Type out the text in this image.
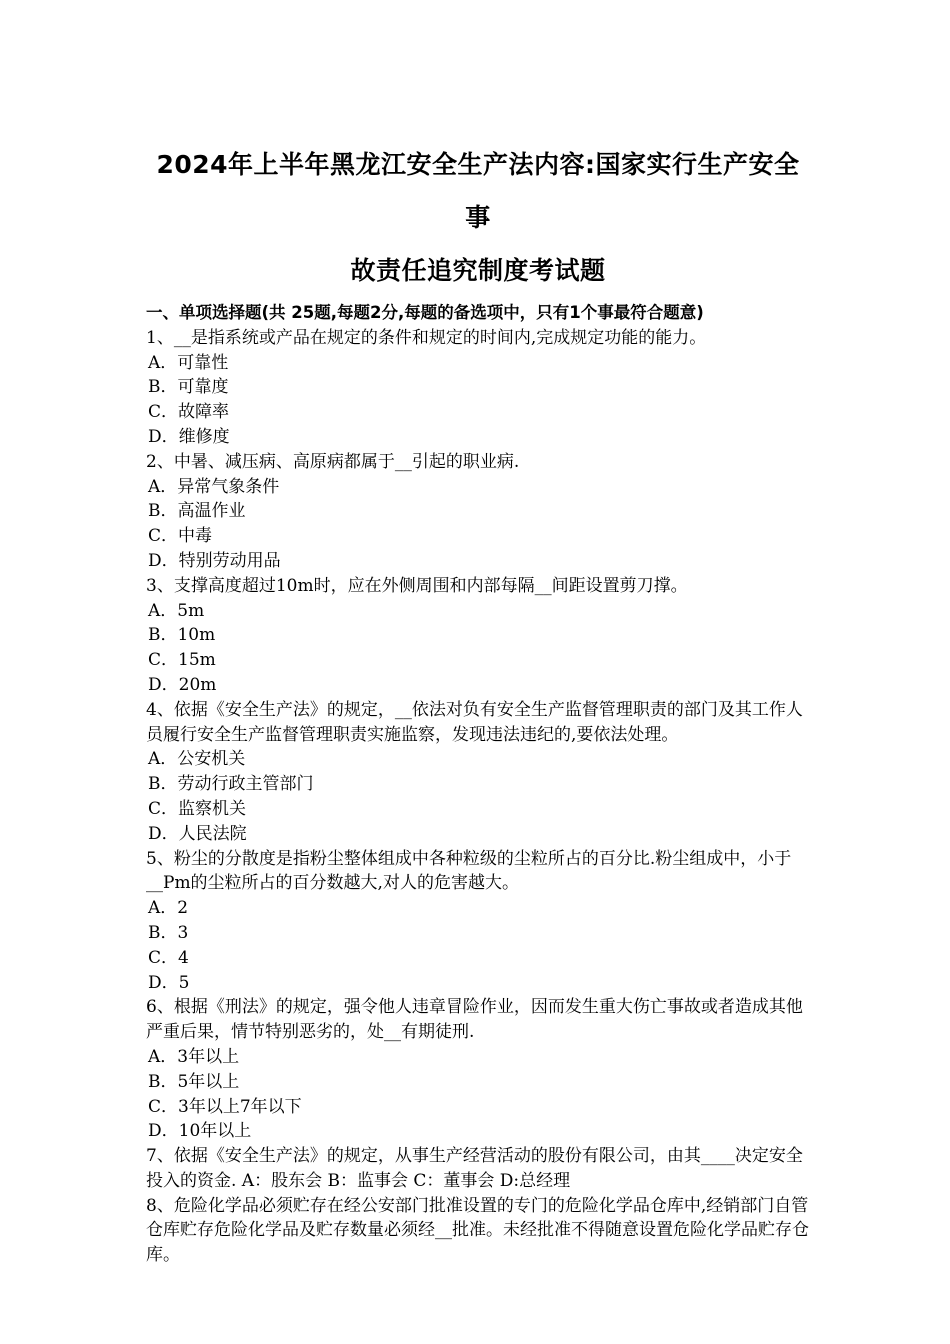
2024年上半年黑龙江安全生产法内容:国家实行生产安全事
故责任追究制度考试题
一、单项选择题(共 25题,每题2分,每题的备选项中，只有1个事最符合题意)
1、__是指系统或产品在规定的条件和规定的时间内,完成规定功能的能力。
A．可靠性
B．可靠度
C．故障率
D．维修度
2、中暑、减压病、高原病都属于__引起的职业病.
A．异常气象条件
B．高温作业
C．中毒
D．特别劳动用品
3、支撑高度超过10m时，应在外侧周围和内部每隔__间距设置剪刀撑。
A．5m
B．10m
C．15m
D．20m
4、依据《安全生产法》的规定，__依法对负有安全生产监督管理职责的部门及其工作人员履行安全生产监督管理职责实施监察，发现违法违纪的,要依法处理。
A．公安机关
B．劳动行政主管部门
C．监察机关
D．人民法院
5、粉尘的分散度是指粉尘整体组成中各种粒级的尘粒所占的百分比.粉尘组成中，小于__Pm的尘粒所占的百分数越大,对人的危害越大。
A．2
B．3
C．4
D．5
6、根据《刑法》的规定，强令他人违章冒险作业，因而发生重大伤亡事故或者造成其他严重后果，情节特别恶劣的，处__有期徒刑.
A．3年以上
B．5年以上
C．3年以上7年以下
D．10年以上
7、依据《安全生产法》的规定，从事生产经营活动的股份有限公司，由其____决定安全投入的资金. A：股东会 B：监事会 C：董事会 D:总经理
8、危险化学品必须贮存在经公安部门批准设置的专门的危险化学品仓库中,经销部门自管仓库贮存危险化学品及贮存数量必须经__批准。未经批准不得随意设置危险化学品贮存仓库。
